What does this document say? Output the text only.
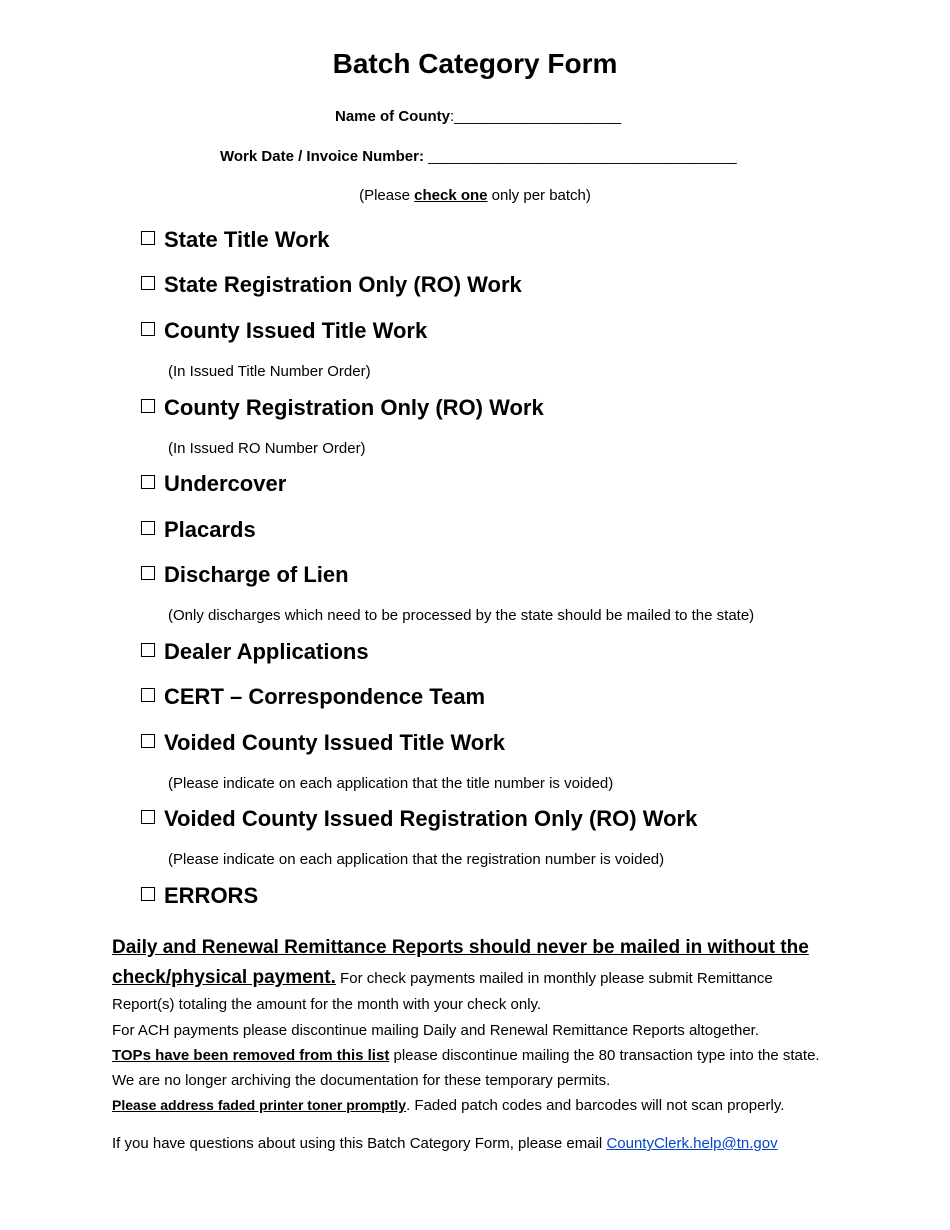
Batch Category Form
Name of County:____________________
Work Date / Invoice Number: _____________________________________
(Please check one only per batch)
State Title Work
State Registration Only (RO) Work
County Issued Title Work
(In Issued Title Number Order)
County Registration Only (RO) Work
(In Issued RO Number Order)
Undercover
Placards
Discharge of Lien
(Only discharges which need to be processed by the state should be mailed to the state)
Dealer Applications
CERT – Correspondence Team
Voided County Issued Title Work
(Please indicate on each application that the title number is voided)
Voided County Issued Registration Only (RO) Work
(Please indicate on each application that the registration number is voided)
ERRORS
Daily and Renewal Remittance Reports should never be mailed in without the
check/physical payment. For check payments mailed in monthly please submit Remittance Report(s) totaling the amount for the month with your check only.
For ACH payments please discontinue mailing Daily and Renewal Remittance Reports altogether.
TOPs have been removed from this list please discontinue mailing the 80 transaction type into the state. We are no longer archiving the documentation for these temporary permits.
Please address faded printer toner promptly. Faded patch codes and barcodes will not scan properly.
If you have questions about using this Batch Category Form, please email CountyClerk.help@tn.gov
